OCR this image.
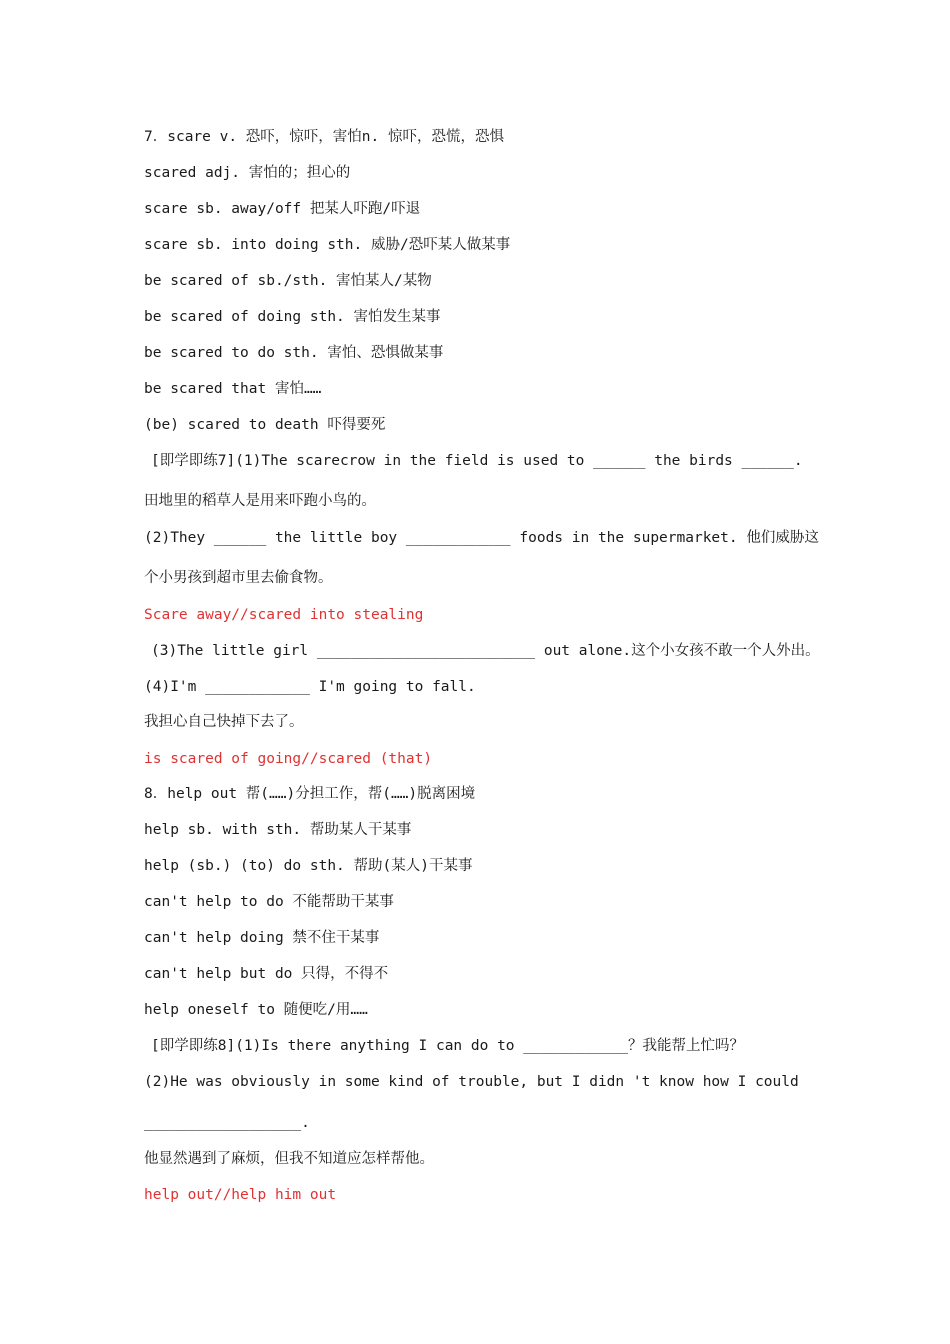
7．scare v. 恐吓，惊吓，害怕n. 惊吓，恐慌，恐惧
scared adj. 害怕的；担心的
scare sb. away/off 把某人吓跑/吓退
scare sb. into doing sth. 威胁/恐吓某人做某事
be scared of sb./sth. 害怕某人/某物
be scared of doing sth. 害怕发生某事
be scared to do sth. 害怕、恐惧做某事
be scared that 害怕……
(be) scared to death 吓得要死
[即学即练7](1)The scarecrow in the field is used to ______ the birds ______.
田地里的稻草人是用来吓跑小鸟的。
(2)They ______ the little boy ____________ foods in the supermarket. 他们威胁这
个小男孩到超市里去偷食物。
Scare away//scared into stealing
(3)The little girl _________________________ out alone.这个小女孩不敢一个人外出。
(4)I'm ____________ I'm going to fall.
我担心自己快掉下去了。
is scared of going//scared (that)
8．help out 帮(……)分担工作，帮(……)脱离困境
help sb. with sth. 帮助某人干某事
help (sb.) (to) do sth. 帮助(某人)干某事
can't help to do 不能帮助干某事
can't help doing 禁不住干某事
can't help but do 只得，不得不
help oneself to 随便吃/用……
[即学即练8](1)Is there anything I can do to ____________？我能帮上忙吗？
(2)He was obviously in some kind of trouble, but I didn 't know how I could
__________________.
他显然遇到了麻烦，但我不知道应怎样帮他。
help out//help him out
